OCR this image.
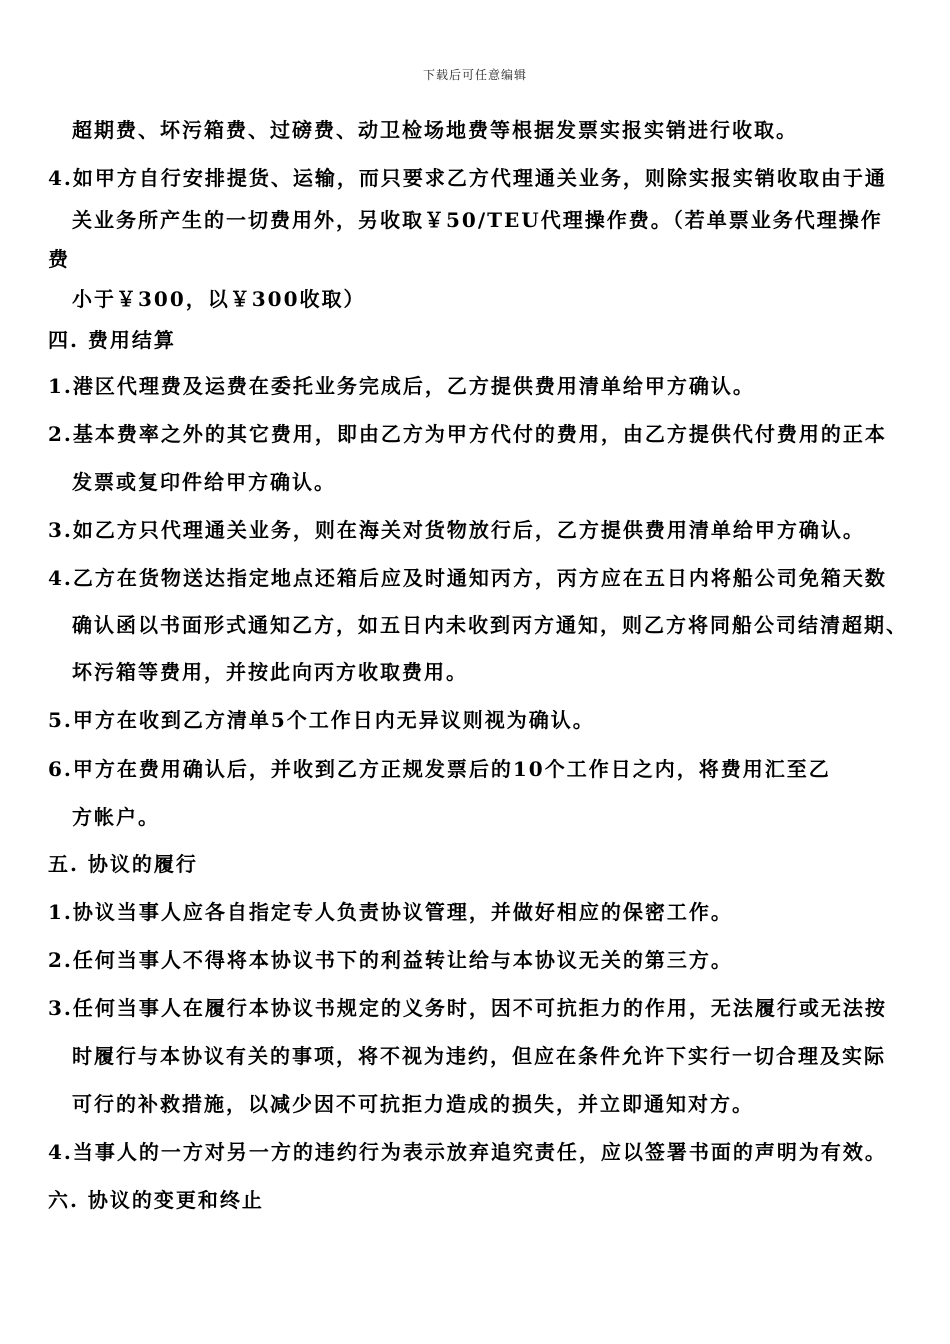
下载后可任意编辑
超期费、坏污箱费、过磅费、动卫检场地费等根据发票实报实销进行收取。
4.如甲方自行安排提货、运输，而只要求乙方代理通关业务，则除实报实销收取由于通
关业务所产生的一切费用外，另收取￥50/TEU代理操作费。（若单票业务代理操作
费
小于￥300，以￥300收取）
四. 费用结算
1.港区代理费及运费在委托业务完成后，乙方提供费用清单给甲方确认。
2.基本费率之外的其它费用，即由乙方为甲方代付的费用，由乙方提供代付费用的正本
发票或复印件给甲方确认。
3.如乙方只代理通关业务，则在海关对货物放行后，乙方提供费用清单给甲方确认。
4.乙方在货物送达指定地点还箱后应及时通知丙方，丙方应在五日内将船公司免箱天数
确认函以书面形式通知乙方，如五日内未收到丙方通知，则乙方将同船公司结清超期、
坏污箱等费用，并按此向丙方收取费用。
5.甲方在收到乙方清单5个工作日内无异议则视为确认。
6.甲方在费用确认后，并收到乙方正规发票后的10个工作日之内，将费用汇至乙
方帐户。
五. 协议的履行
1.协议当事人应各自指定专人负责协议管理，并做好相应的保密工作。
2.任何当事人不得将本协议书下的利益转让给与本协议无关的第三方。
3.任何当事人在履行本协议书规定的义务时，因不可抗拒力的作用，无法履行或无法按
时履行与本协议有关的事项，将不视为违约，但应在条件允许下实行一切合理及实际
可行的补救措施，以减少因不可抗拒力造成的损失，并立即通知对方。
4.当事人的一方对另一方的违约行为表示放弃追究责任，应以签署书面的声明为有效。
六. 协议的变更和终止
